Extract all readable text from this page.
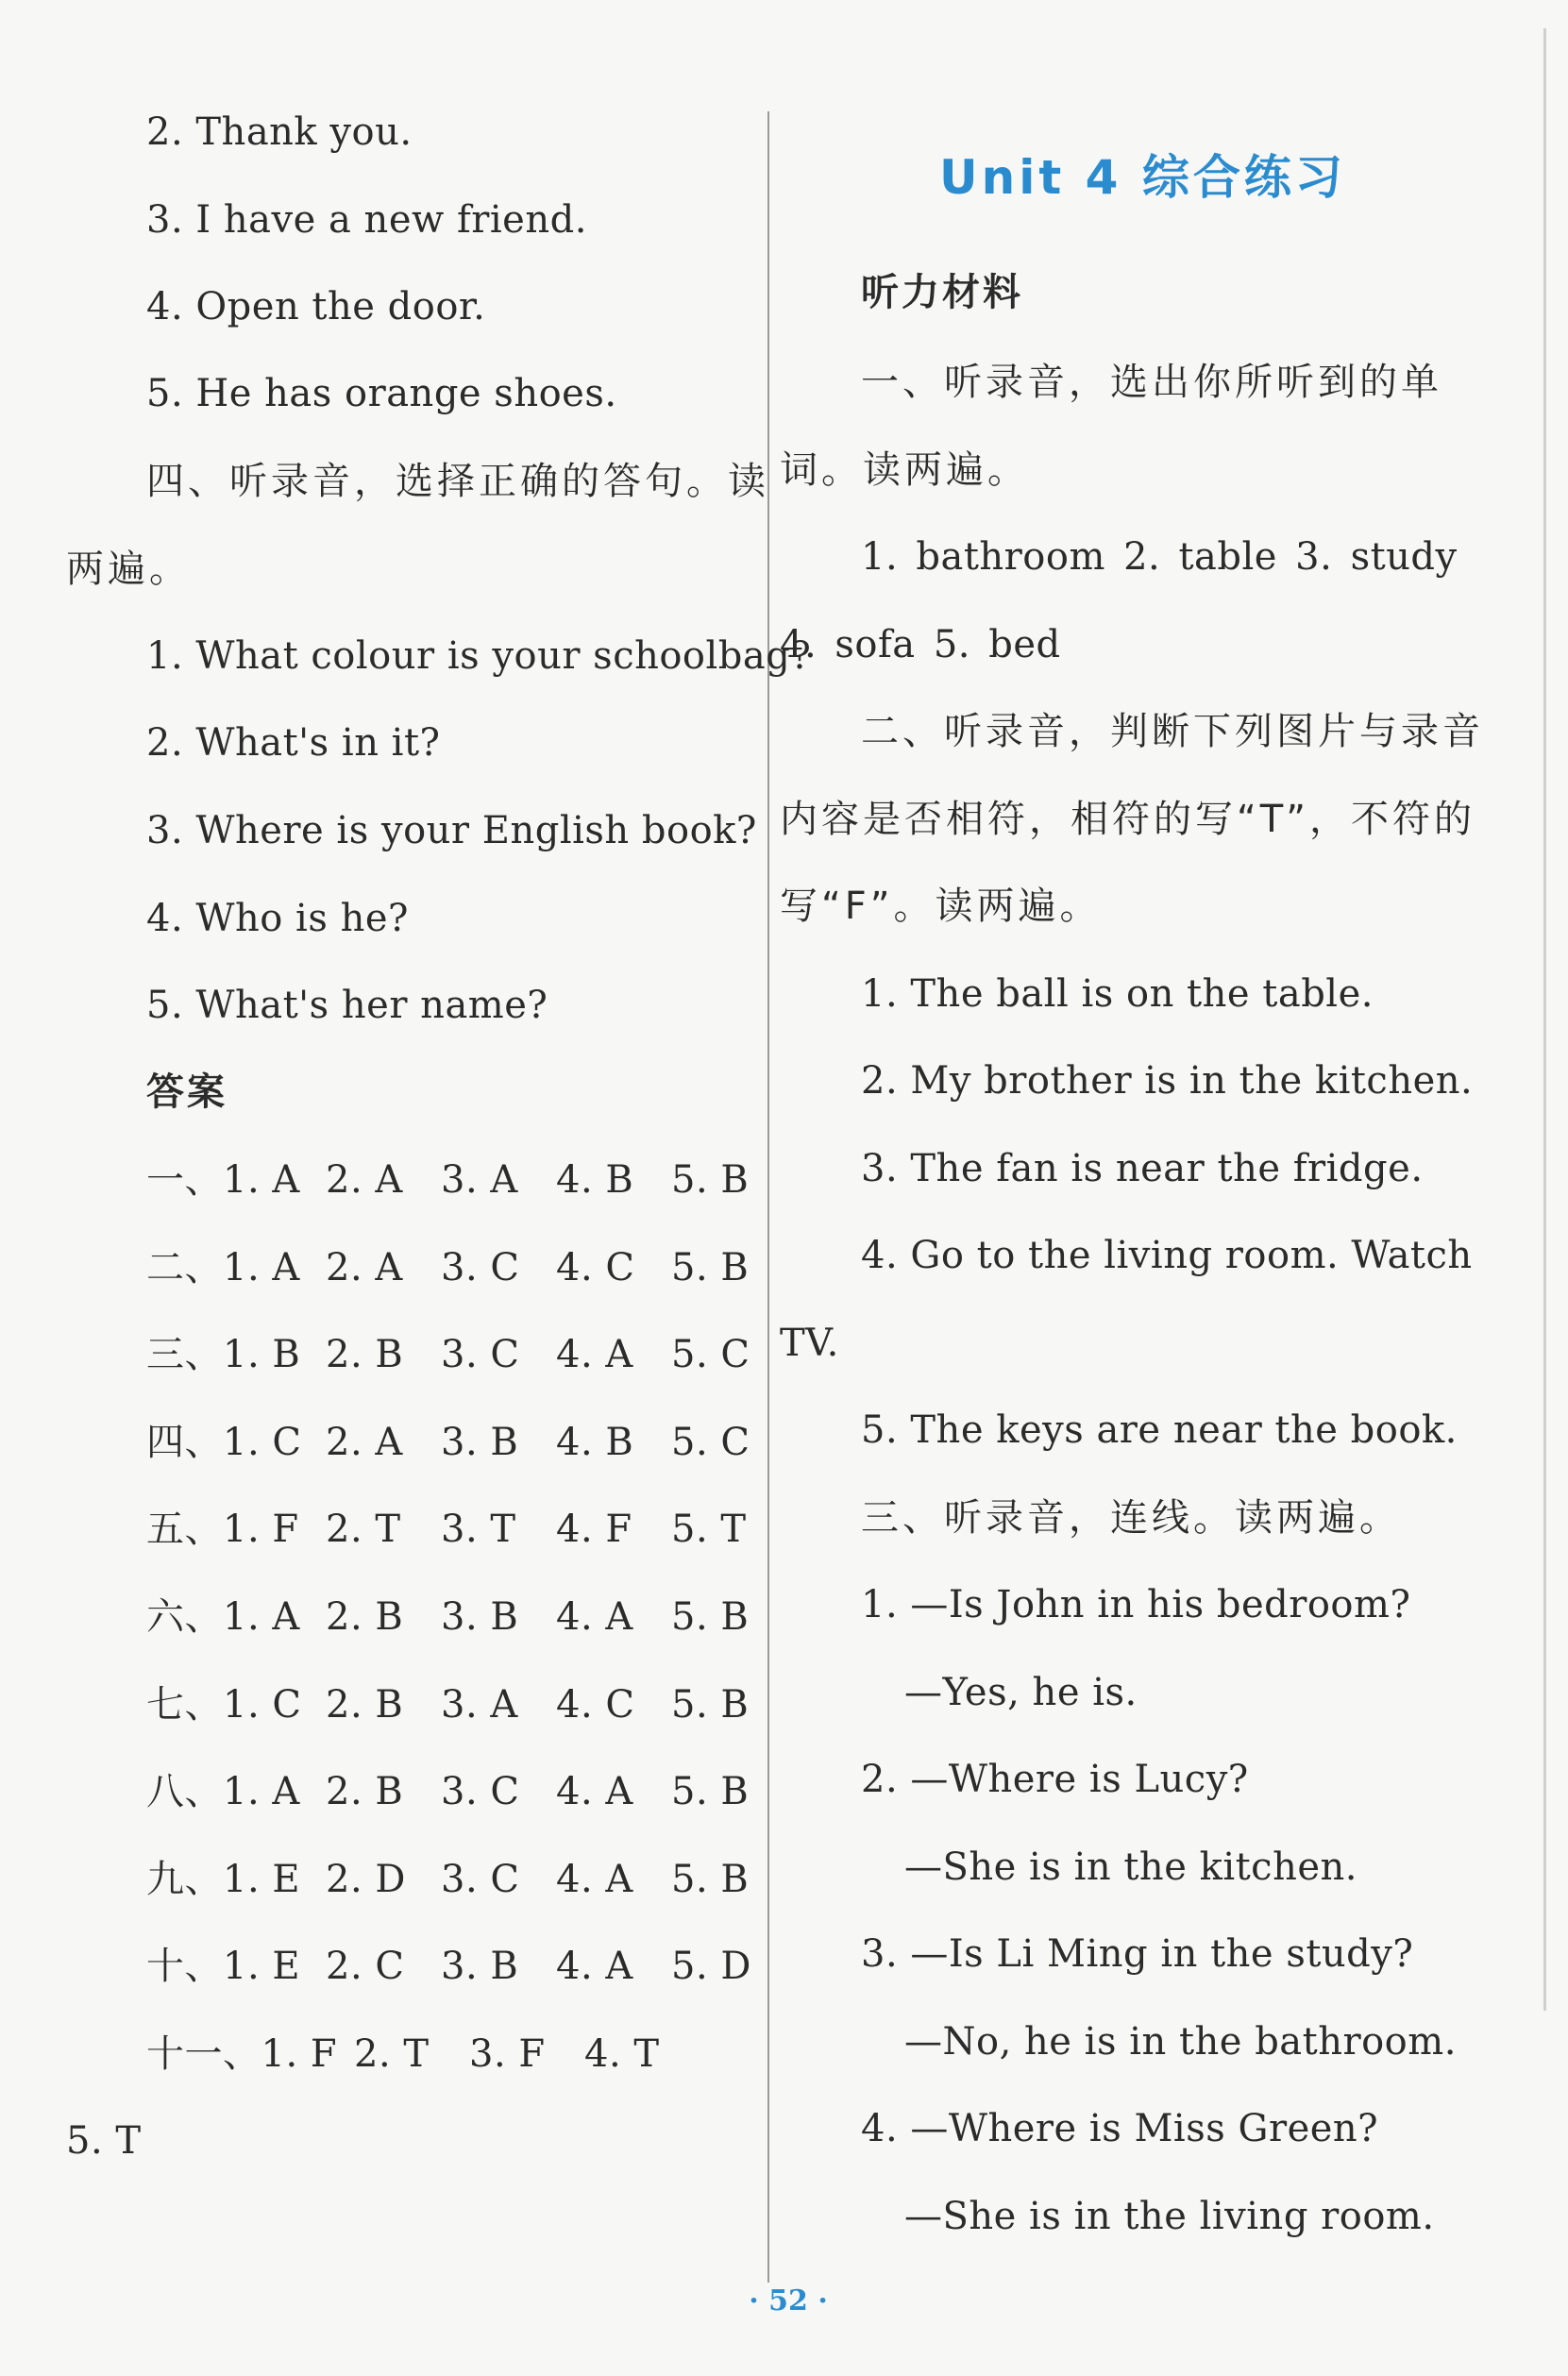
2. Thank you.
3. I have a new friend.
4. Open the door.
5. He has orange shoes.
四、听录音，选择正确的答句。读
两遍。
1. What colour is your schoolbag?
2. What's in it?
3. Where is your English book?
4. Who is he?
5. What's her name?
答案
一、1. A 2. A 3. A 4. B 5. B
二、1. A 2. A 3. C 4. C 5. B
三、1. B 2. B 3. C 4. A 5. C
四、1. C 2. A 3. B 4. B 5. C
五、1. F 2. T 3. T 4. F 5. T
六、1. A 2. B 3. B 4. A 5. B
七、1. C 2. B 3. A 4. C 5. B
八、1. A 2. B 3. C 4. A 5. B
九、1. E 2. D 3. C 4. A 5. B
十、1. E 2. C 3. B 4. A 5. D
十一、1. F 2. T 3. F 4. T
5. T
Unit 4 综合练习
听力材料
一、听录音，选出你所听到的单
词。读两遍。
1. bathroom 2. table 3. study
4. sofa 5. bed
二、听录音，判断下列图片与录音
内容是否相符，相符的写“T”，不符的
写“F”。读两遍。
1. The ball is on the table.
2. My brother is in the kitchen.
3. The fan is near the fridge.
4. Go to the living room. Watch
TV.
5. The keys are near the book.
三、听录音，连线。读两遍。
1. —Is John in his bedroom?
—Yes, he is.
2. —Where is Lucy?
—She is in the kitchen.
3. —Is Li Ming in the study?
—No, he is in the bathroom.
4. —Where is Miss Green?
—She is in the living room.
· 52 ·
